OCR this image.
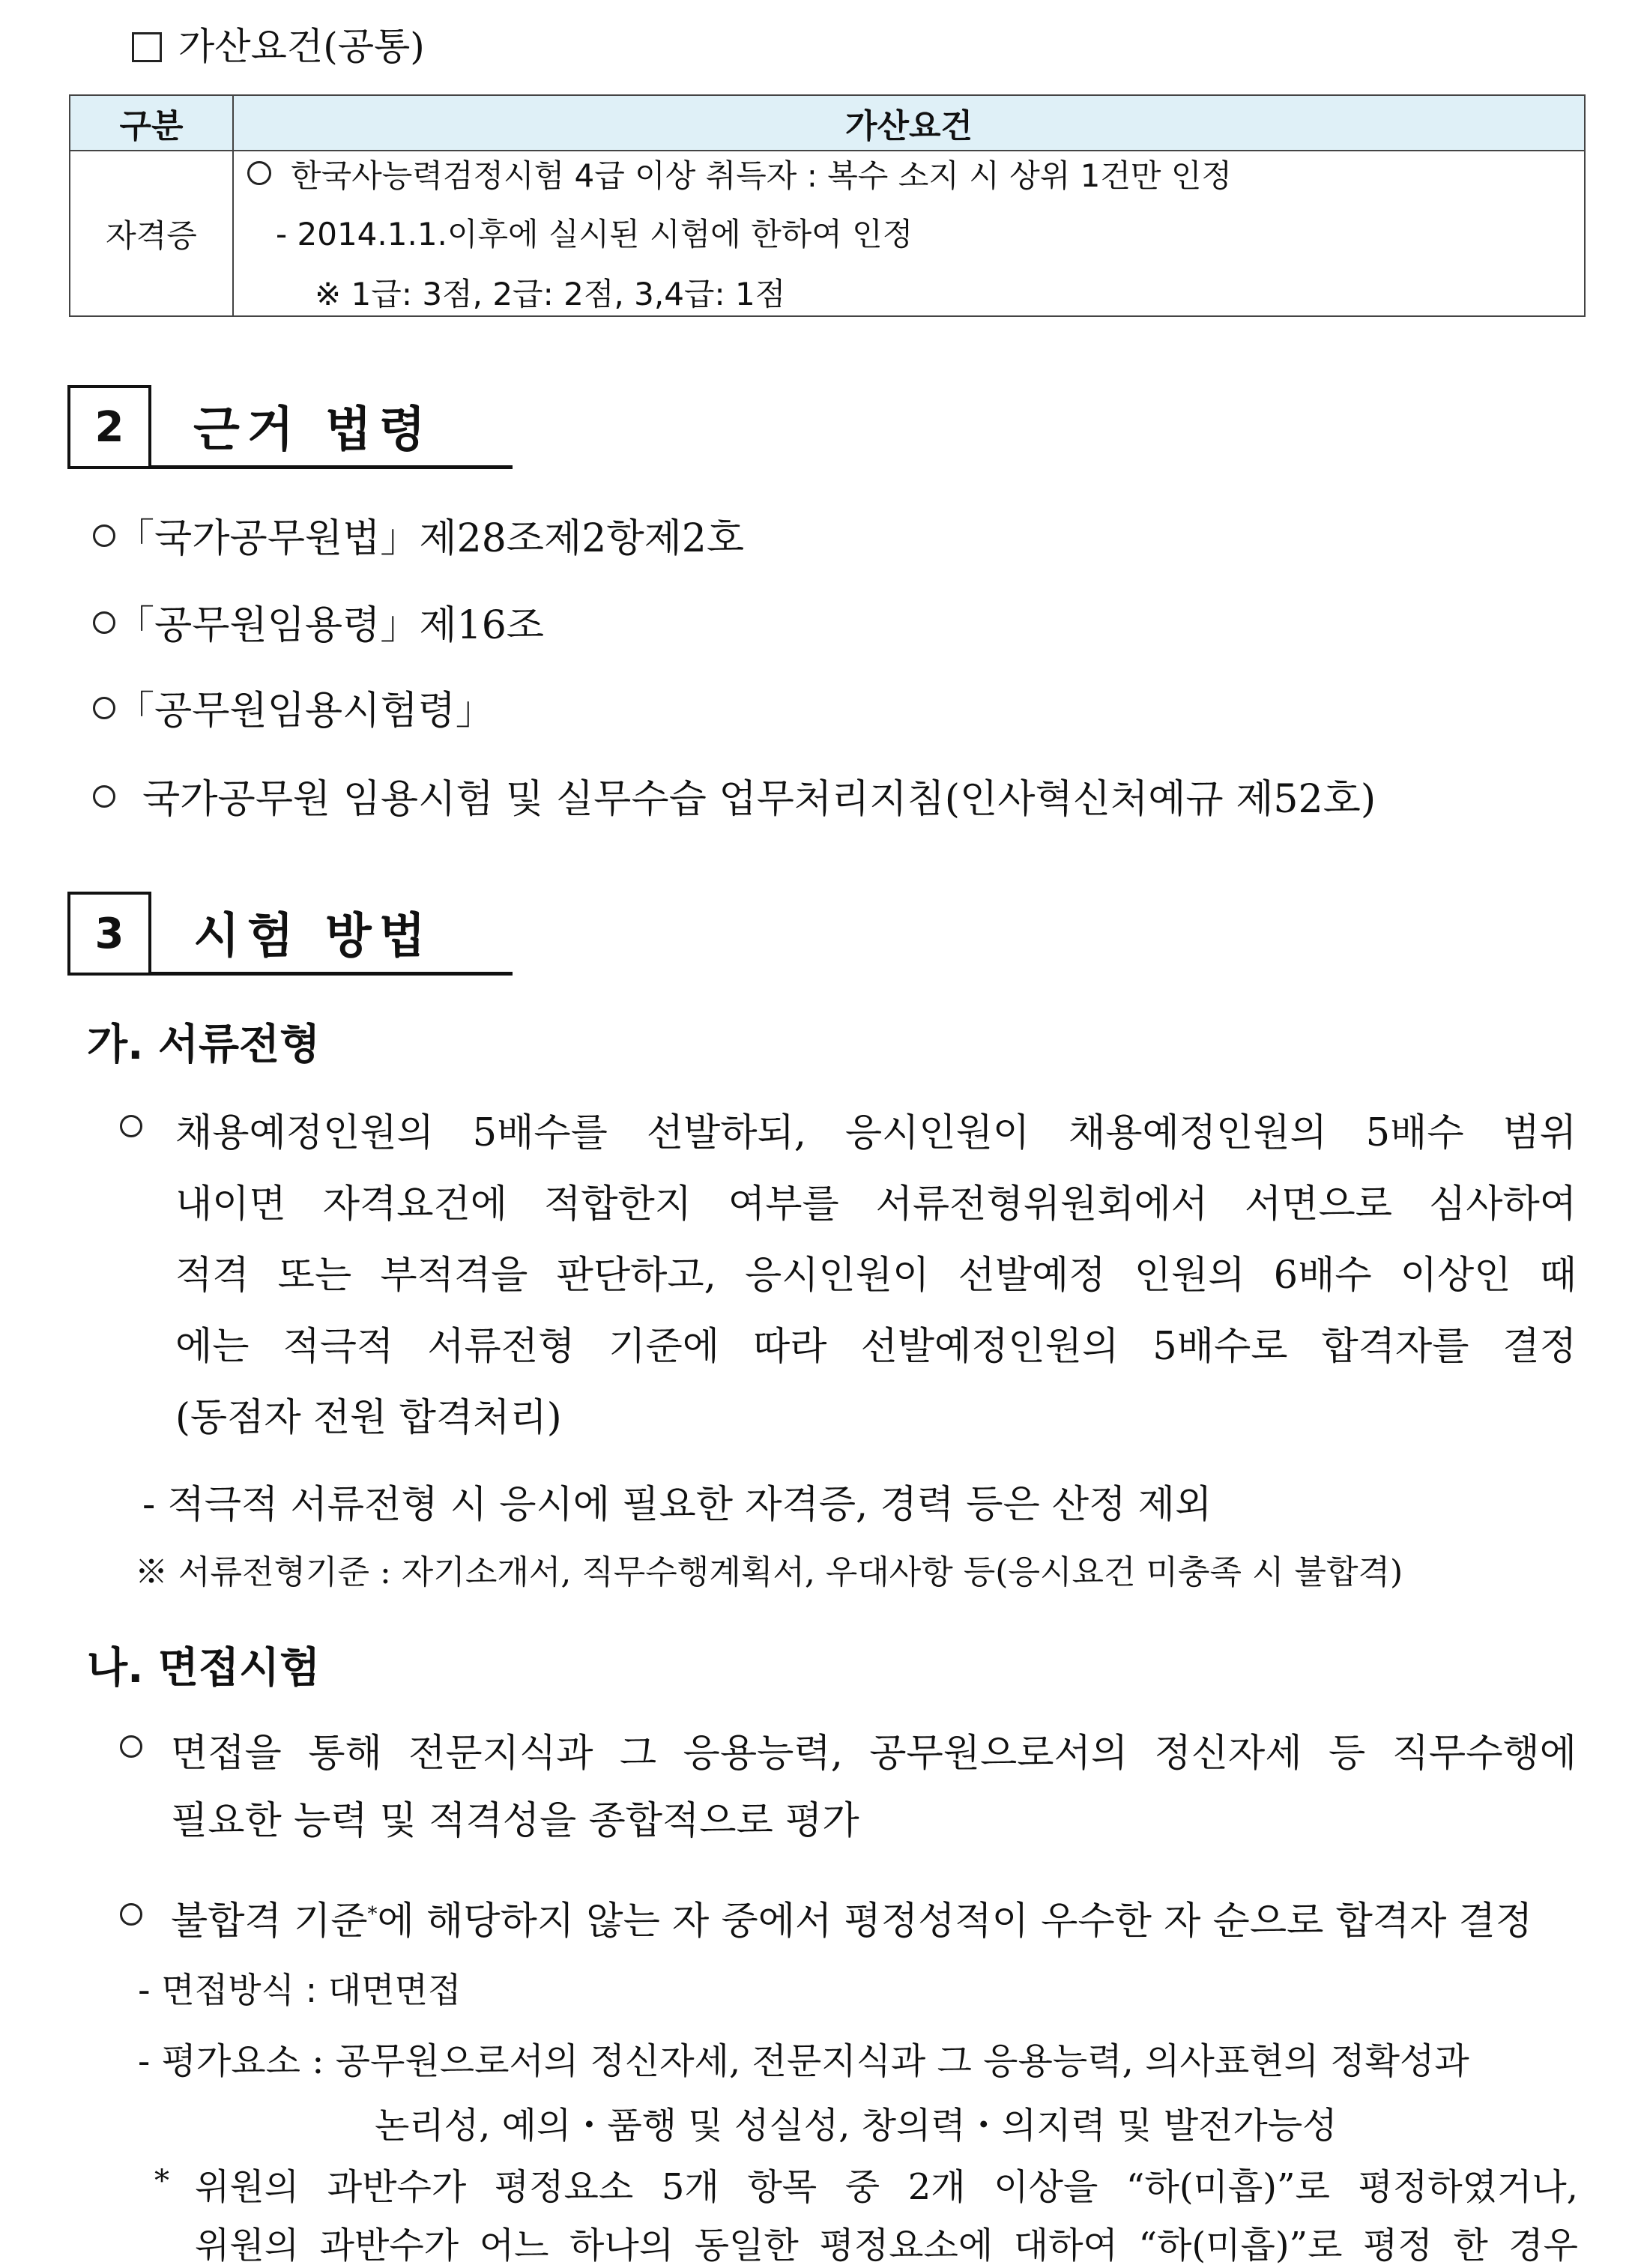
가산요건(공통)
구분	가산요건
자격증	한국사능력검정시험 4급 이상 취득자 : 복수 소지 시 상위 1건만 인정
- 2014.1.1.이후에 실시된 시험에 한하여 인정
※ 1급: 3점, 2급: 2점, 3,4급: 1점
2	근거 법령
「국가공무원법」제28조제2항제2호
「공무원임용령」제16조
「공무원임용시험령」
국가공무원 임용시험 및 실무수습 업무처리지침(인사혁신처예규 제52호)
3	시험 방법
가. 서류전형
채용예정인원의 5배수를 선발하되, 응시인원이 채용예정인원의 5배수 범위
내이면 자격요건에 적합한지 여부를 서류전형위원회에서 서면으로 심사하여
적격 또는 부적격을 판단하고, 응시인원이 선발예정 인원의 6배수 이상인 때
에는 적극적 서류전형 기준에 따라 선발예정인원의 5배수로 합격자를 결정
(동점자 전원 합격처리)
- 적극적 서류전형 시 응시에 필요한 자격증, 경력 등은 산정 제외
※ 서류전형기준 : 자기소개서, 직무수행계획서, 우대사항 등(응시요건 미충족 시 불합격)
나. 면접시험
면접을 통해 전문지식과 그 응용능력, 공무원으로서의 정신자세 등 직무수행에
필요한 능력 및 적격성을 종합적으로 평가
불합격 기준*에 해당하지 않는 자 중에서 평정성적이 우수한 자 순으로 합격자 결정
- 면접방식 : 대면면접
- 평가요소 : 공무원으로서의 정신자세, 전문지식과 그 응용능력, 의사표현의 정확성과
논리성, 예의・품행 및 성실성, 창의력・의지력 및 발전가능성
* 위원의 과반수가 평정요소 5개 항목 중 2개 이상을 “하(미흡)”로 평정하였거나,
위원의 과반수가 어느 하나의 동일한 평정요소에 대하여 “하(미흡)”로 평정 한 경우
